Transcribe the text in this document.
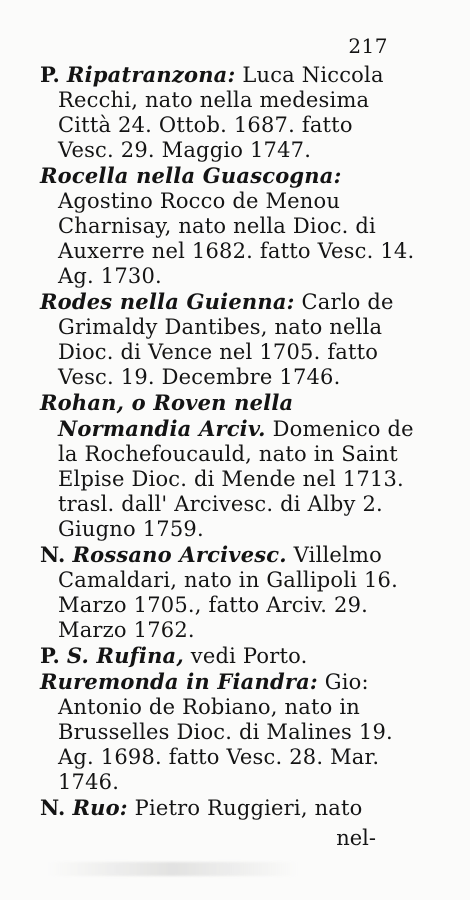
217

P. Ripatranzona: Luca Niccola Recchi, nato nella medesima Città 24. Ottob. 1687. fatto Vesc. 29. Maggio 1747.

Rocella nella Guascogna: Agostino Rocco de Menou Charnisay, nato nella Dioc. di Auxerre nel 1682. fatto Vesc. 14. Ag. 1730.

Rodes nella Guienna: Carlo de Grimaldy Dantibes, nato nella Dioc. di Vence nel 1705. fatto Vesc. 19. Decembre 1746.

Rohan, o Roven nella Normandia Arciv. Domenico de la Rochefoucauld, nato in Saint Elpise Dioc. di Mende nel 1713. trasl. dall' Arcivesc. di Alby 2. Giugno 1759.

N. Rossano Arcivesc. Villelmo Camaldari, nato in Gallipoli 16. Marzo 1705., fatto Arciv. 29. Marzo 1762.

P. S. Rufina, vedi Porto.

Ruremonda in Fiandra: Gio: Antonio de Robiano, nato in Brusselles Dioc. di Malines 19. Ag. 1698. fatto Vesc. 28. Mar. 1746.

N. Ruo: Pietro Ruggieri, nato

nel-
